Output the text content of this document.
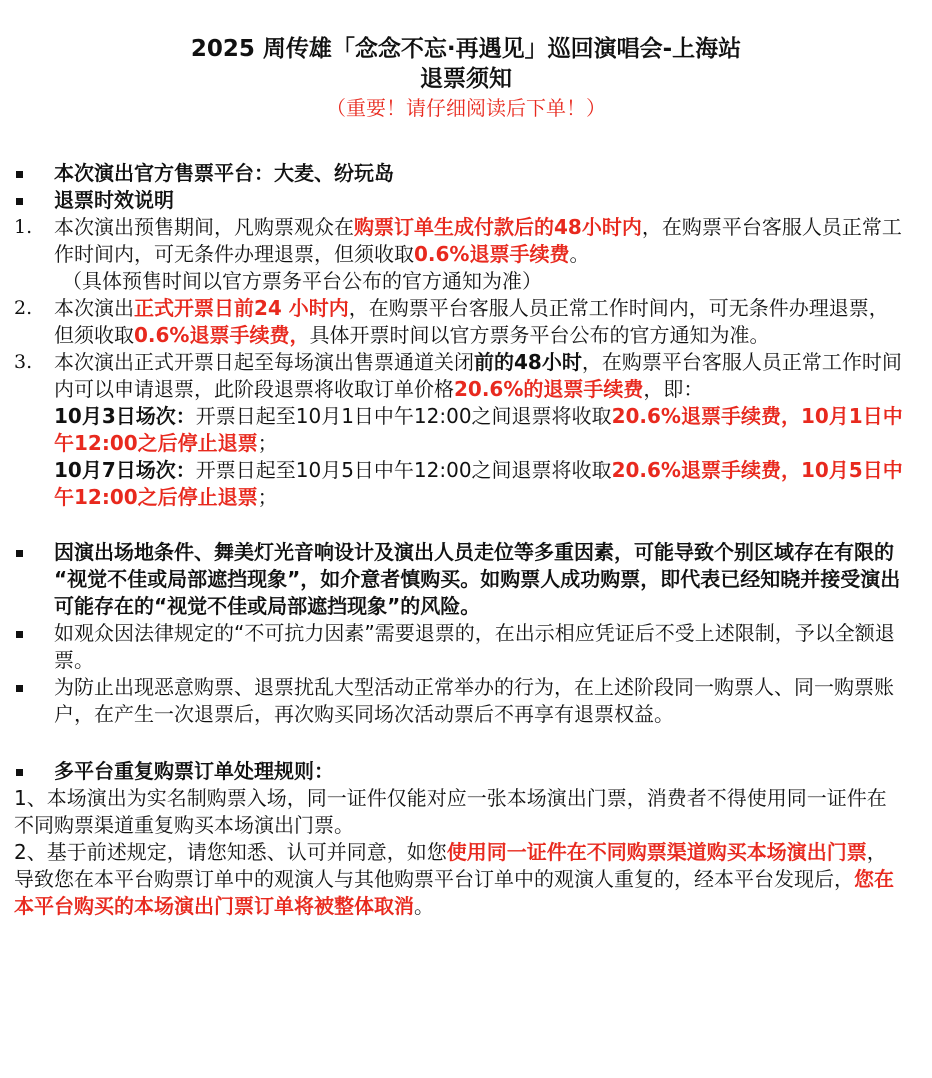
2025 周传雄「念念不忘·再遇见」巡回演唱会-上海站
退票须知
（重要！请仔细阅读后下单！）
本次演出官方售票平台：大麦、纷玩岛
退票时效说明
1. 本次演出预售期间，凡购票观众在购票订单生成付款后的48小时内，在购票平台客服人员正常工作时间内，可无条件办理退票，但须收取0.6%退票手续费。
（具体预售时间以官方票务平台公布的官方通知为准）
2. 本次演出正式开票日前24 小时内，在购票平台客服人员正常工作时间内，可无条件办理退票，但须收取0.6%退票手续费，具体开票时间以官方票务平台公布的官方通知为准。
3. 本次演出正式开票日起至每场演出售票通道关闭前的48小时，在购票平台客服人员正常工作时间内可以申请退票，此阶段退票将收取订单价格20.6%的退票手续费，即：
10月3日场次：开票日起至10月1日中午12:00之间退票将收取20.6%退票手续费，10月1日中午12:00之后停止退票；
10月7日场次：开票日起至10月5日中午12:00之间退票将收取20.6%退票手续费，10月5日中午12:00之后停止退票；
因演出场地条件、舞美灯光音响设计及演出人员走位等多重因素，可能导致个别区域存在有限的 “视觉不佳或局部遮挡现象”，如介意者慎购买。如购票人成功购票，即代表已经知晓并接受演出可能存在的“视觉不佳或局部遮挡现象”的风险。
如观众因法律规定的“不可抗力因素”需要退票的，在出示相应凭证后不受上述限制，予以全额退票。
为防止出现恶意购票、退票扰乱大型活动正常举办的行为，在上述阶段同一购票人、同一购票账户，在产生一次退票后，再次购买同场次活动票后不再享有退票权益。
多平台重复购票订单处理规则：
1、本场演出为实名制购票入场，同一证件仅能对应一张本场演出门票，消费者不得使用同一证件在不同购票渠道重复购买本场演出门票。
2、基于前述规定，请您知悉、认可并同意，如您使用同一证件在不同购票渠道购买本场演出门票，导致您在本平台购票订单中的观演人与其他购票平台订单中的观演人重复的，经本平台发现后，您在本平台购买的本场演出门票订单将被整体取消。
